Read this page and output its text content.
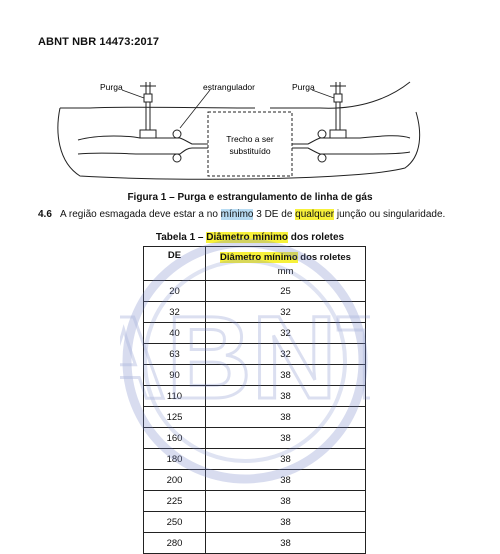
ABNT NBR 14473:2017
Purga	estrangulador	Purga
Trecho a ser
substituído
Figura 1 – Purga e estrangulamento de linha de gás
4.6 A região esmagada deve estar a no mínimo 3 DE de qualquer junção ou singularidade.
Tabela 1 – Diâmetro mínimo dos roletes
DE	Diâmetro mínimo dos roletes
mm

20	25
32	32
40	32
63	32
90	38
110	38
125	38
160	38
180	38
200	38
225	38
250	38
280	38
ABN
